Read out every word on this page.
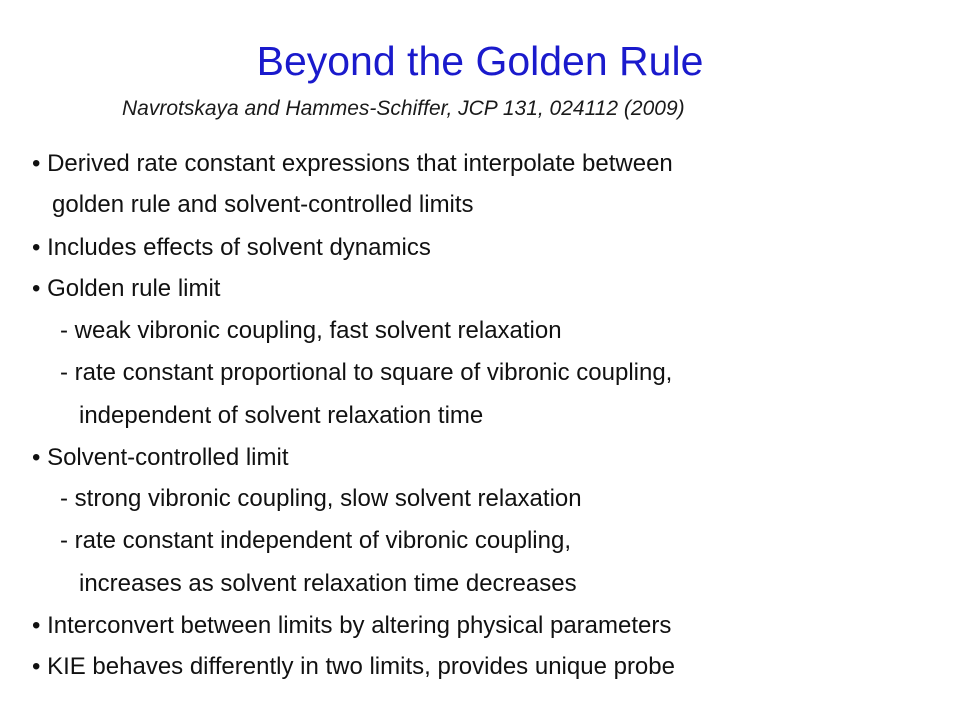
Beyond the Golden Rule
Navrotskaya and Hammes-Schiffer, JCP 131, 024112 (2009)
• Derived rate constant expressions that interpolate between
golden rule and solvent-controlled limits
• Includes effects of solvent dynamics
• Golden rule limit
- weak vibronic coupling, fast solvent relaxation
- rate constant proportional to square of vibronic coupling,
independent of solvent relaxation time
• Solvent-controlled limit
- strong vibronic coupling, slow solvent relaxation
- rate constant independent of vibronic coupling,
increases as solvent relaxation time decreases
• Interconvert between limits by altering physical parameters
• KIE behaves differently in two limits, provides unique probe
